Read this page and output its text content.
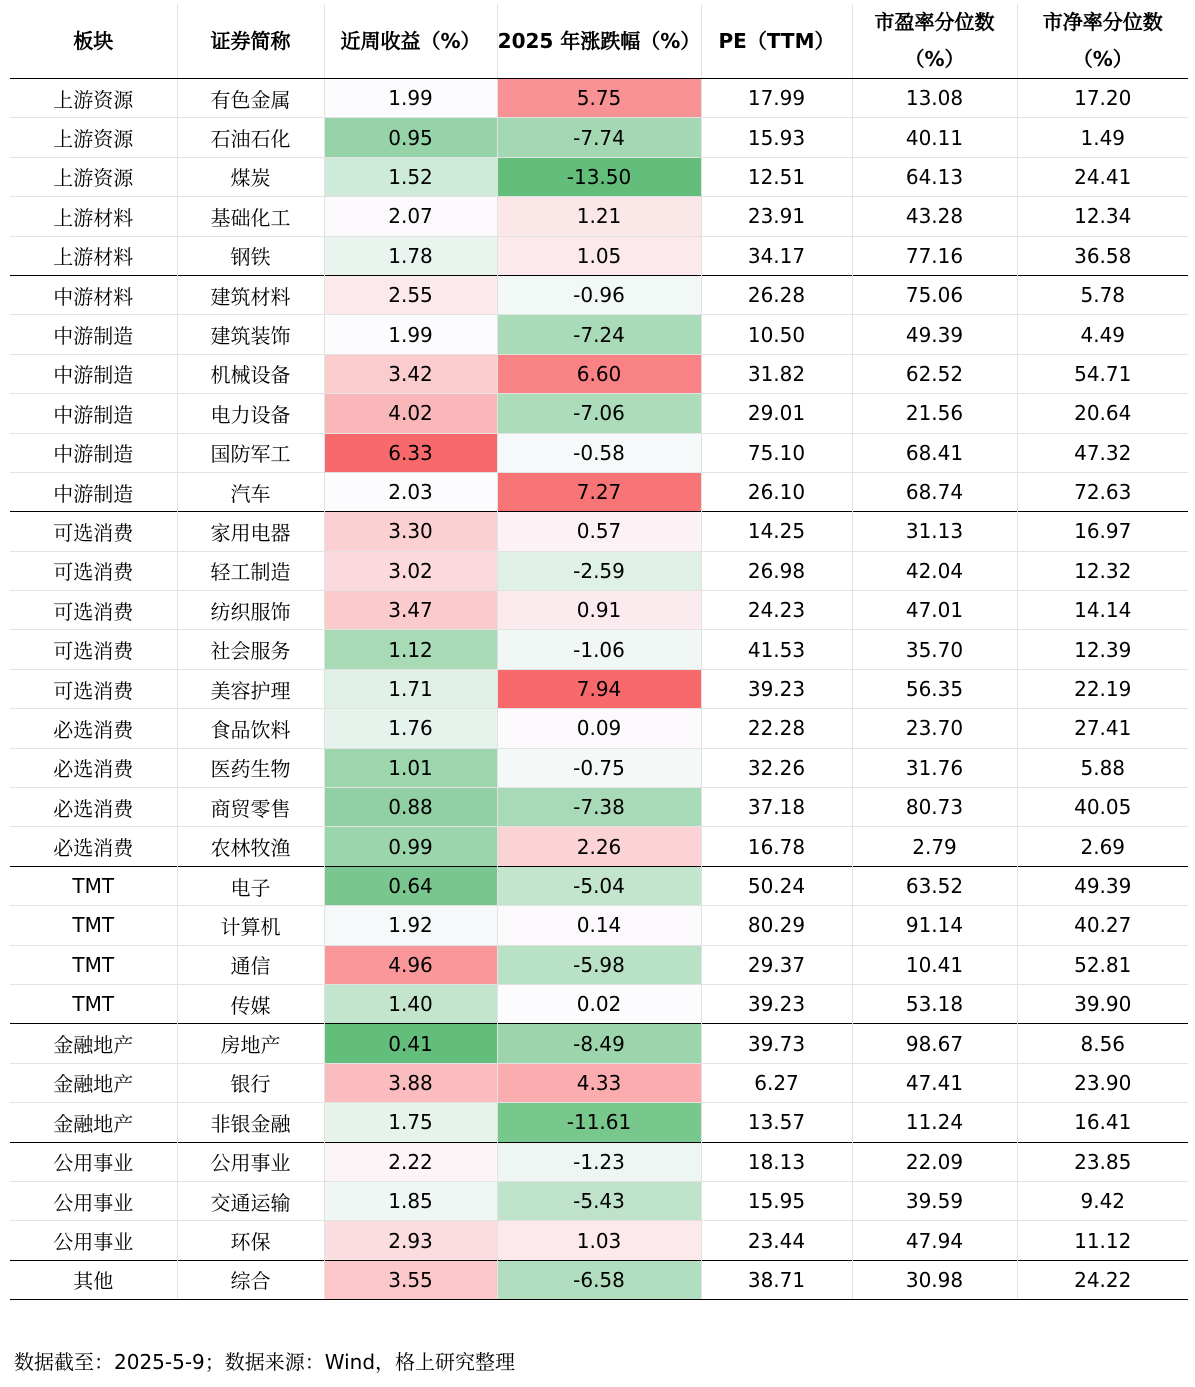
板块	证券简称	近周收益（%）	2025 年涨跌幅（%）	PE（TTM）	市盈率分位数（%）	市净率分位数（%）
上游资源	有色金属	1.99	5.75	17.99	13.08	17.20
上游资源	石油石化	0.95	-7.74	15.93	40.11	1.49
上游资源	煤炭	1.52	-13.50	12.51	64.13	24.41
上游材料	基础化工	2.07	1.21	23.91	43.28	12.34
上游材料	钢铁	1.78	1.05	34.17	77.16	36.58
中游材料	建筑材料	2.55	-0.96	26.28	75.06	5.78
中游制造	建筑装饰	1.99	-7.24	10.50	49.39	4.49
中游制造	机械设备	3.42	6.60	31.82	62.52	54.71
中游制造	电力设备	4.02	-7.06	29.01	21.56	20.64
中游制造	国防军工	6.33	-0.58	75.10	68.41	47.32
中游制造	汽车	2.03	7.27	26.10	68.74	72.63
可选消费	家用电器	3.30	0.57	14.25	31.13	16.97
可选消费	轻工制造	3.02	-2.59	26.98	42.04	12.32
可选消费	纺织服饰	3.47	0.91	24.23	47.01	14.14
可选消费	社会服务	1.12	-1.06	41.53	35.70	12.39
可选消费	美容护理	1.71	7.94	39.23	56.35	22.19
必选消费	食品饮料	1.76	0.09	22.28	23.70	27.41
必选消费	医药生物	1.01	-0.75	32.26	31.76	5.88
必选消费	商贸零售	0.88	-7.38	37.18	80.73	40.05
必选消费	农林牧渔	0.99	2.26	16.78	2.79	2.69
TMT	电子	0.64	-5.04	50.24	63.52	49.39
TMT	计算机	1.92	0.14	80.29	91.14	40.27
TMT	通信	4.96	-5.98	29.37	10.41	52.81
TMT	传媒	1.40	0.02	39.23	53.18	39.90
金融地产	房地产	0.41	-8.49	39.73	98.67	8.56
金融地产	银行	3.88	4.33	6.27	47.41	23.90
金融地产	非银金融	1.75	-11.61	13.57	11.24	16.41
公用事业	公用事业	2.22	-1.23	18.13	22.09	23.85
公用事业	交通运输	1.85	-5.43	15.95	39.59	9.42
公用事业	环保	2.93	1.03	23.44	47.94	11.12
其他	综合	3.55	-6.58	38.71	30.98	24.22
数据截至：2025-5-9；数据来源：Wind，格上研究整理
